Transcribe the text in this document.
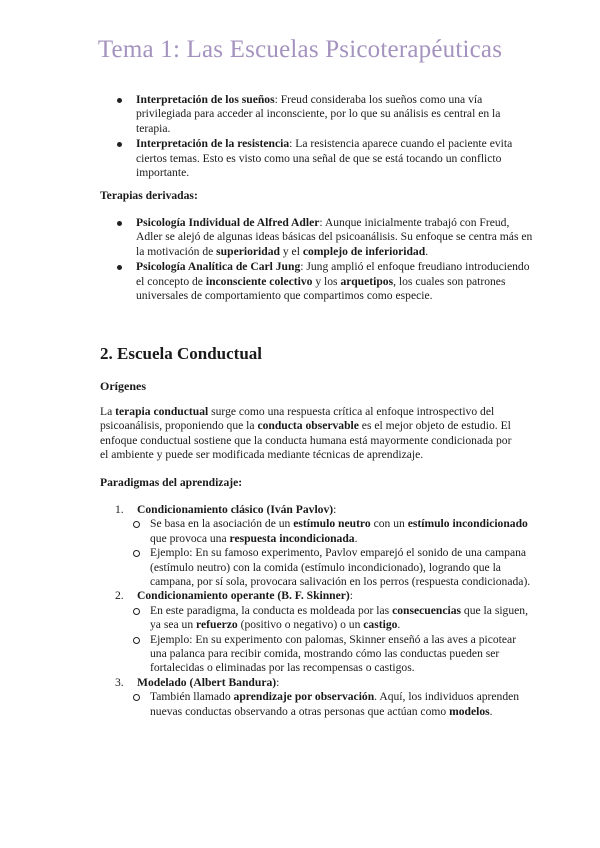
Tema 1: Las Escuelas Psicoterapéuticas
Interpretación de los sueños: Freud consideraba los sueños como una vía privilegiada para acceder al inconsciente, por lo que su análisis es central en la terapia.
Interpretación de la resistencia: La resistencia aparece cuando el paciente evita ciertos temas. Esto es visto como una señal de que se está tocando un conflicto importante.

Terapias derivadas:

Psicología Individual de Alfred Adler: Aunque inicialmente trabajó con Freud, Adler se alejó de algunas ideas básicas del psicoanálisis. Su enfoque se centra más en la motivación de superioridad y el complejo de inferioridad.
Psicología Analítica de Carl Jung: Jung amplió el enfoque freudiano introduciendo el concepto de inconsciente colectivo y los arquetipos, los cuales son patrones universales de comportamiento que compartimos como especie.
2. Escuela Conductual
Orígenes

La terapia conductual surge como una respuesta crítica al enfoque introspectivo del psicoanálisis, proponiendo que la conducta observable es el mejor objeto de estudio. El enfoque conductual sostiene que la conducta humana está mayormente condicionada por el ambiente y puede ser modificada mediante técnicas de aprendizaje.

Paradigmas del aprendizaje:

1. Condicionamiento clásico (Iván Pavlov):
Se basa en la asociación de un estímulo neutro con un estímulo incondicionado que provoca una respuesta incondicionada.
Ejemplo: En su famoso experimento, Pavlov emparejó el sonido de una campana (estímulo neutro) con la comida (estímulo incondicionado), logrando que la campana, por sí sola, provocara salivación en los perros (respuesta condicionada).
2. Condicionamiento operante (B. F. Skinner):
En este paradigma, la conducta es moldeada por las consecuencias que la siguen, ya sea un refuerzo (positivo o negativo) o un castigo.
Ejemplo: En su experimento con palomas, Skinner enseñó a las aves a picotear una palanca para recibir comida, mostrando cómo las conductas pueden ser fortalecidas o eliminadas por las recompensas o castigos.
3. Modelado (Albert Bandura):
También llamado aprendizaje por observación. Aquí, los individuos aprenden nuevas conductas observando a otras personas que actúan como modelos.
